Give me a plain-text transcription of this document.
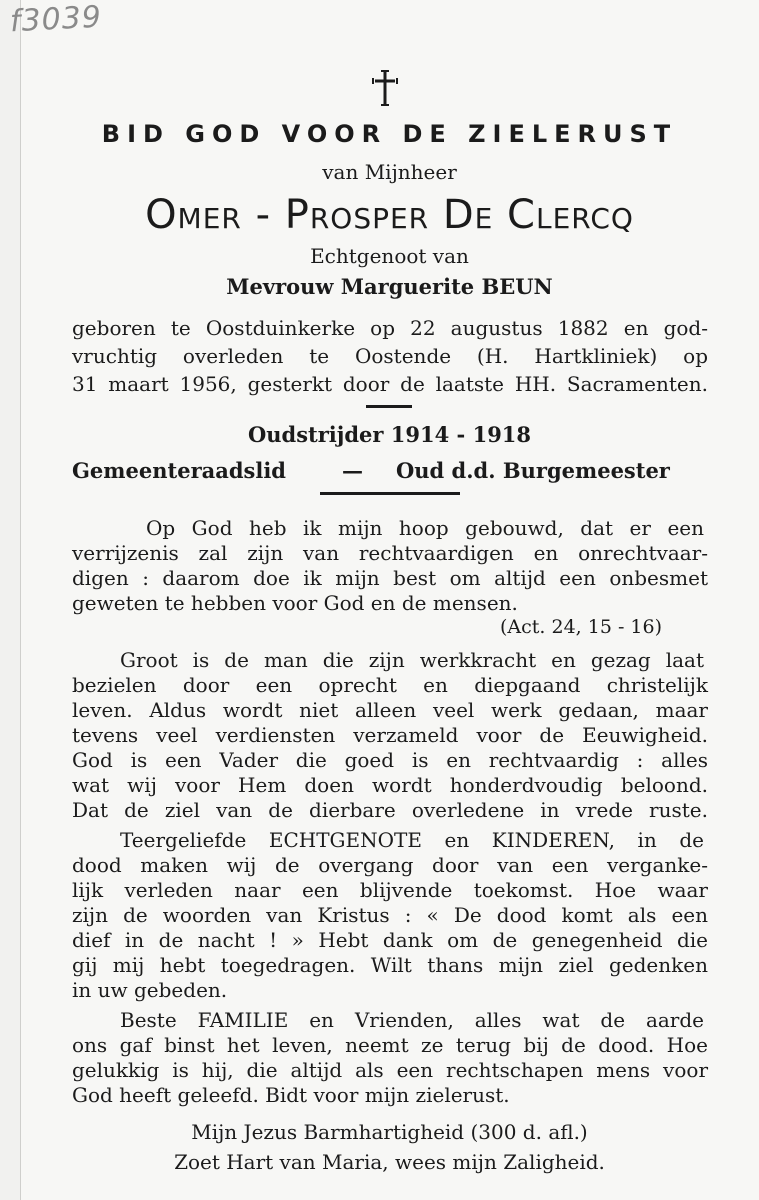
f3039
BID GOD VOOR DE ZIELERUST
van Mijnheer
Omer - Prosper De Clercq
Echtgenoot van
Mevrouw Marguerite BEUN
geboren te Oostduinkerke op 22 augustus 1882 en god-
vruchtig overleden te Oostende (H. Hartkliniek) op
31 maart 1956, gesterkt door de laatste HH. Sacramenten.
Oudstrijder 1914 - 1918
Gemeenteraadslid	— Oud d.d. Burgemeester
Op God heb ik mijn hoop gebouwd, dat er een
verrijzenis zal zijn van rechtvaardigen en onrechtvaar-
digen : daarom doe ik mijn best om altijd een onbesmet
geweten te hebben voor God en de mensen.
(Act. 24, 15 - 16)
Groot is de man die zijn werkkracht en gezag laat
bezielen door een oprecht en diepgaand christelijk
leven. Aldus wordt niet alleen veel werk gedaan, maar
tevens veel verdiensten verzameld voor de Eeuwigheid.
God is een Vader die goed is en rechtvaardig : alles
wat wij voor Hem doen wordt honderdvoudig beloond.
Dat de ziel van de dierbare overledene in vrede ruste.
Teergeliefde ECHTGENOTE en KINDEREN, in de
dood maken wij de overgang door van een verganke-
lijk verleden naar een blijvende toekomst. Hoe waar
zijn de woorden van Kristus : « De dood komt als een
dief in de nacht ! » Hebt dank om de genegenheid die
gij mij hebt toegedragen. Wilt thans mijn ziel gedenken
in uw gebeden.
Beste FAMILIE en Vrienden, alles wat de aarde
ons gaf binst het leven, neemt ze terug bij de dood. Hoe
gelukkig is hij, die altijd als een rechtschapen mens voor
God heeft geleefd. Bidt voor mijn zielerust.
Mijn Jezus Barmhartigheid (300 d. afl.)
Zoet Hart van Maria, wees mijn Zaligheid.
